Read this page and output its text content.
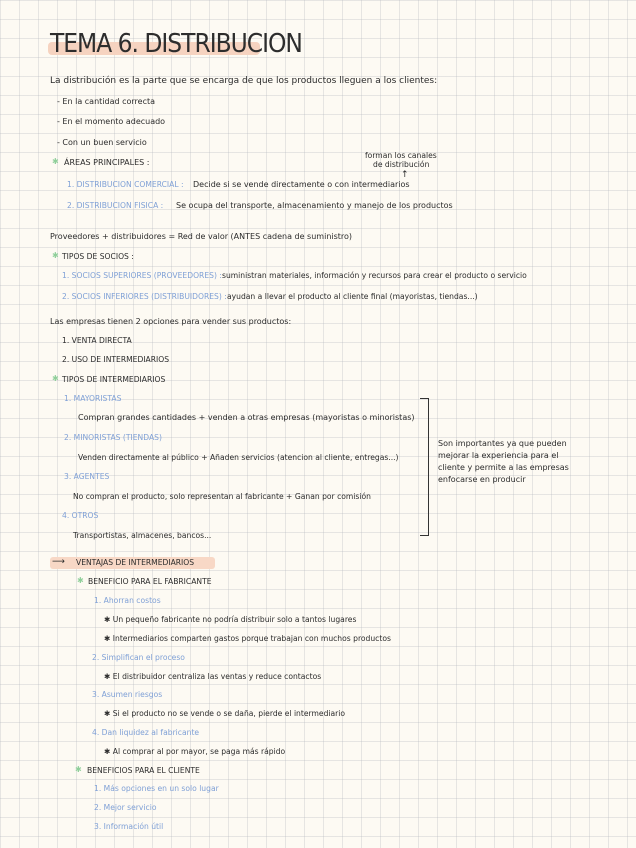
TEMA 6. DISTRIBUCION
La distribución es la parte que se encarga de que los productos lleguen a los clientes:
- En la cantidad correcta
- En el momento adecuado
- Con un buen servicio
✱ ÁREAS PRINCIPALES :
forman los canales
de distribución
↑
1. DISTRIBUCION COMERCIAL : Decide si se vende directamente o con intermediarios
2. DISTRIBUCION FISICA : Se ocupa del transporte, almacenamiento y manejo de los productos
Proveedores + distribuidores = Red de valor (ANTES cadena de suministro)
✱ TIPOS DE SOCIOS :
1. SOCIOS SUPERIORES (PROVEEDORES) : suministran materiales, información y recursos para crear el producto o servicio
2. SOCIOS INFERIORES (DISTRIBUIDORES) : ayudan a llevar el producto al cliente final (mayoristas, tiendas...)
Las empresas tienen 2 opciones para vender sus productos:
1. VENTA DIRECTA
2. USO DE INTERMEDIARIOS
✱ TIPOS DE INTERMEDIARIOS
1. MAYORISTAS
Compran grandes cantidades + venden a otras empresas (mayoristas o minoristas)
2. MINORISTAS (TIENDAS)
Venden directamente al público + Añaden servicios (atencion al cliente, entregas...)
3. AGENTES
No compran el producto, solo representan al fabricante + Ganan por comisión
4. OTROS
Transportistas, almacenes, bancos...
Son importantes ya que pueden
mejorar la experiencia para el
cliente y permite a las empresas
enfocarse en producir
⟶ VENTAJAS DE INTERMEDIARIOS
✱ BENEFICIO PARA EL FABRICANTE
1. Ahorran costos
✱ Un pequeño fabricante no podría distribuir solo a tantos lugares
✱ Intermediarios comparten gastos porque trabajan con muchos productos
2. Simplifican el proceso
✱ El distribuidor centraliza las ventas y reduce contactos
3. Asumen riesgos
✱ Si el producto no se vende o se daña, pierde el intermediario
4. Dan liquidez al fabricante
✱ Al comprar al por mayor, se paga más rápido
✱ BENEFICIOS PARA EL CLIENTE
1. Más opciones en un solo lugar
2. Mejor servicio
3. Información útil
